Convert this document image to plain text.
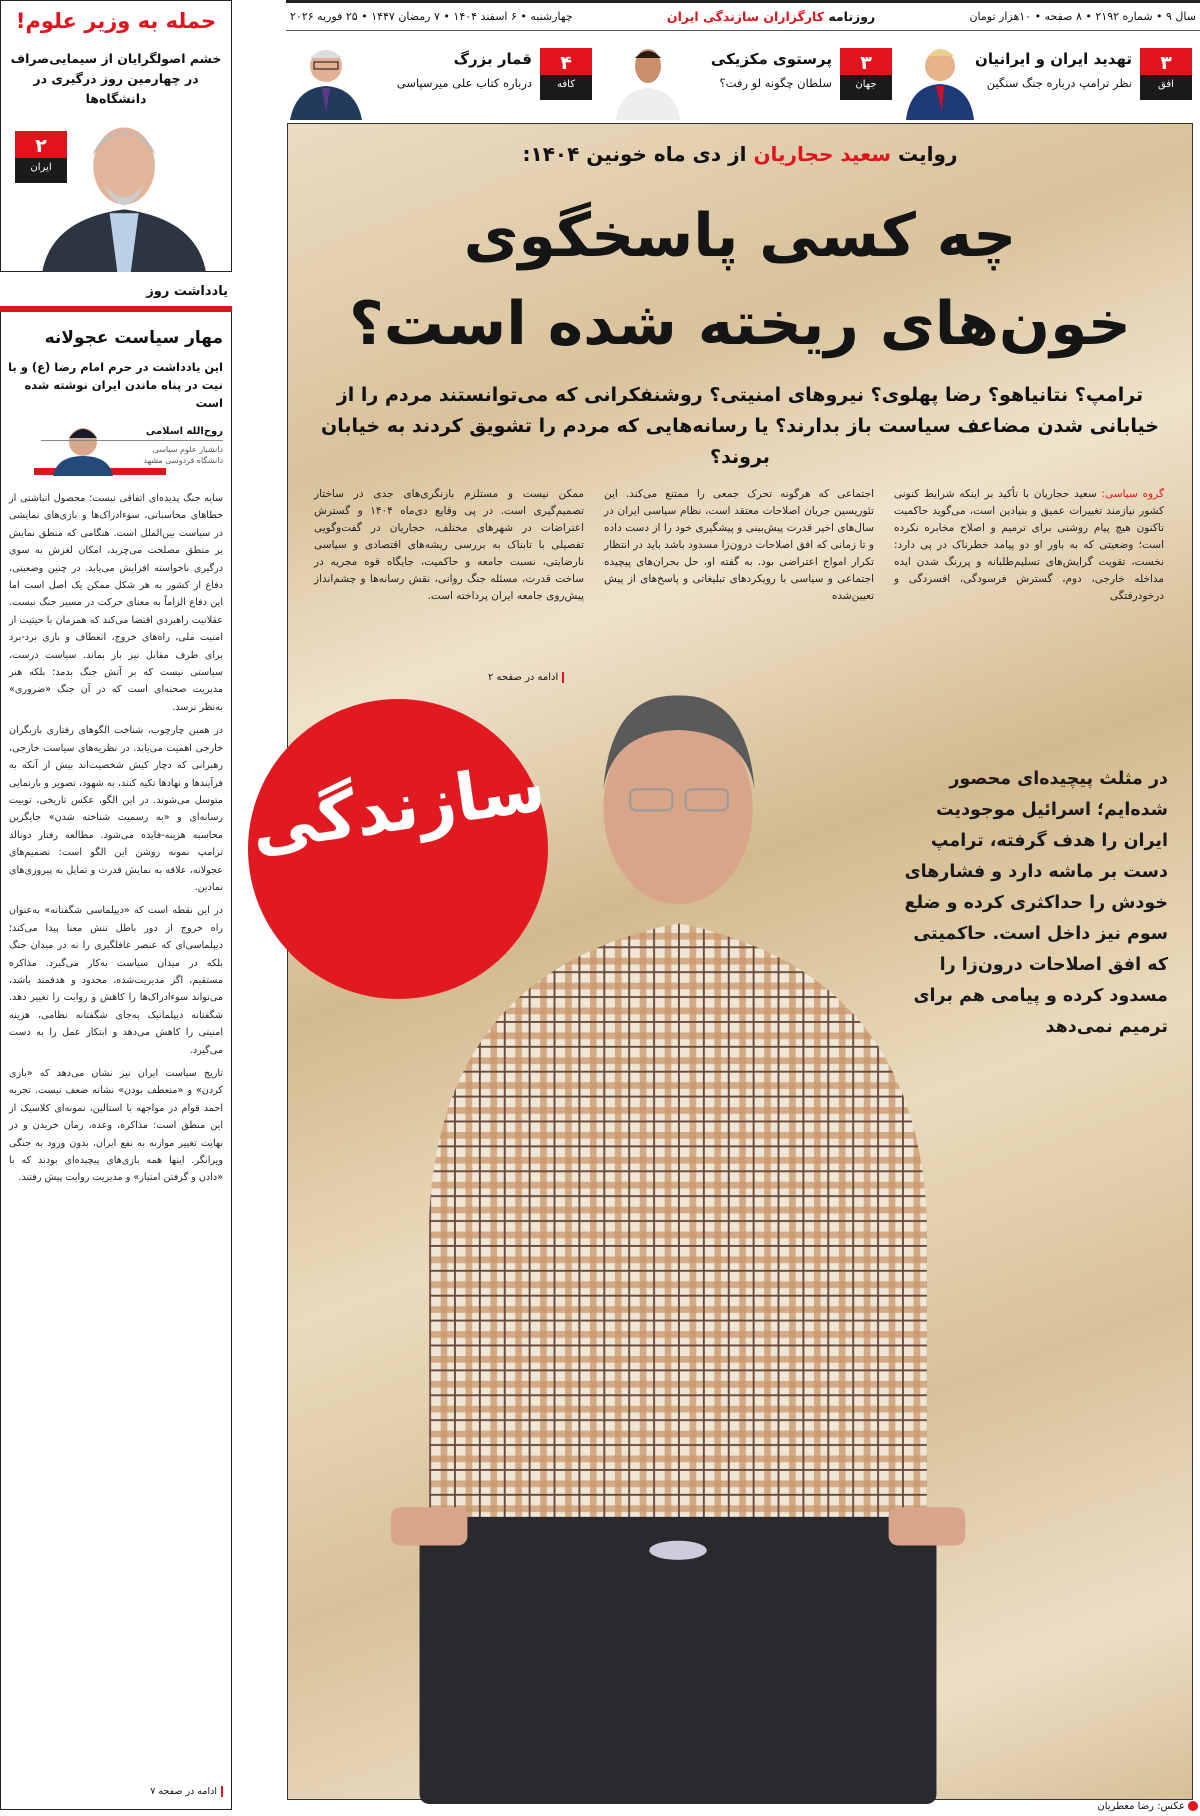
سال ۹ • شماره ۲۱۹۲ • ۸ صفحه • ۱۰هزار تومان
روزنامه کارگزاران سازندگی ایران
چهارشنبه • ۶ اسفند ۱۴۰۴ • ۷ رمضان ۱۴۴۷ • ۲۵ فوریه ۲۰۲۶
۳
افق
تهدید ایران و ایرانیان
نظر ترامپ درباره جنگ سنگین
۳
جهان
پرستوی مکزیکی
سلطان چگونه لو رفت؟
۴
کافه
قمار بزرگ
درباره کتاب علی میرسپاسی
حمله به وزیر علوم!
خشم اصولگرایان از سیمایی‌صراف در چهارمین روز درگیری در دانشگاه‌ها
۲
ایران
یادداشت روز
مهار سیاست عجولانه
این یادداشت در حرم امام رضا (ع) و با نیت در پناه ماندن ایران نوشته شده است
روح‌الله اسلامی
دانشیار علوم سیاسی دانشگاه فردوسی مشهد

سایه جنگ پدیده‌ای اتفاقی نیست؛ محصول انباشتی از خطاهای محاسباتی، سوءادراک‌ها و بازی‌های نمایشی در سیاست بین‌الملل است. هنگامی که منطق نمایش بر منطق مصلحت می‌چربد، امکان لغزش به سوی درگیری ناخواسته افزایش می‌یابد. در چنین وضعیتی، دفاع از کشور به هر شکل ممکن یک اصل است اما این دفاع الزاماً به معنای حرکت در مسیر جنگ نیست. عقلانیت راهبردی اقتضا می‌کند که همزمان با حیثیت از امنیت ملی، راه‌های خروج، انعطاف و بازی برد-برد برای طرف مقابل نیز باز بماند. سیاست درست، سیاستی نیست که بر آتش جنگ بدمد؛ بلکه هنر مدیریت صحنه‌ای است که در آن جنگ «ضروری» به‌نظر نرسد.

در همین چارچوب، شناخت الگوهای رفتاری بازیگران خارجی اهمیت می‌یابد. در نظریه‌های سیاست خارجی، رهبرانی که دچار کیش شخصیت‌اند بیش از آنکه به فرآیندها و نهادها تکیه کنند، به شهود، تصویر و بازنمایی متوسل می‌شوند. در این الگو، عکس تاریخی، توییت رسانه‌ای و «به رسمیت شناخته شدن» جایگزین محاسبه هزینه-فایده می‌شود. مطالعه رفتار دونالد ترامپ نمونه روشن این الگو است: تصمیم‌های عجولانه، علاقه به نمایش قدرت و تمایل به پیروزی‌های نمادین.

در این نقطه است که «دیپلماسی شگفتانه» به‌عنوان راه خروج از دور باطل تنش معنا پیدا می‌کند؛ دیپلماسی‌ای که عنصر غافلگیری را نه در میدان جنگ بلکه در میدان سیاست به‌کار می‌گیرد. مذاکره مستقیم، اگر مدیریت‌شده، محدود و هدفمند باشد، می‌تواند سوءادراک‌ها را کاهش و روایت را تغییر دهد. شگفتانه دیپلماتیک به‌جای شگفتانه نظامی، هزینه امنیتی را کاهش می‌دهد و ابتکار عمل را به دست می‌گیرد.

تاریخ سیاست ایران نیز نشان می‌دهد که «بازی کردن» و «منعطف بودن» نشانه ضعف نیست. تجربه احمد قوام در مواجهه با استالین، نمونه‌ای کلاسیک از این منطق است: مذاکره، وعده، زمان خریدن و در نهایت تغییر موازنه به نفع ایران، بدون ورود به جنگی ویرانگر. اینها همه بازی‌های پیچیده‌ای بودند که با «دادن و گرفتن امتیاز» و مدیریت روایت پیش رفتند.

ادامه در صفحه ۷
روایت سعید حجاریان از دی ماه خونین ۱۴۰۴:
چه کسی پاسخگوی
خون‌های ریخته شده است؟
ترامپ؟ نتانیاهو؟ رضا پهلوی؟ نیروهای امنیتی؟ روشنفکرانی که می‌توانستند مردم را از خیابانی شدن مضاعف سیاست باز بدارند؟ یا رسانه‌هایی که مردم را تشویق کردند به خیابان بروند؟
گروه سیاسی: سعید حجاریان با تأکید بر اینکه شرایط کنونی کشور نیازمند تغییرات عمیق و بنیادین است، می‌گوید حاکمیت تاکنون هیچ پیام روشنی برای ترمیم و اصلاح مخابره نکرده است؛ وضعیتی که به باور او دو پیامد خطرناک در پی دارد: نخست، تقویت گرایش‌های تسلیم‌طلبانه و پررنگ شدن ایده مداخله خارجی، دوم، گسترش فرسودگی، افسردگی و درخودرفتگی
اجتماعی که هرگونه تحرک جمعی را ممتنع می‌کند. این تئوریسین جریان اصلاحات معتقد است، نظام سیاسی ایران در سال‌های اخیر قدرت پیش‌بینی و پیشگیری خود را از دست داده و تا زمانی که افق اصلاحات درون‌زا مسدود باشد باید در انتظار تکرار امواج اعتراضی بود. به گفته او، حل بحران‌های پیچیده اجتماعی و سیاسی با رویکردهای تبلیغاتی و پاسخ‌های از پیش تعیین‌شده
ممکن نیست و مستلزم بازنگری‌های جدی در ساختار تصمیم‌گیری است. در پی وقایع دی‌ماه ۱۴۰۴ و گسترش اعتراضات در شهرهای مختلف، حجاریان در گفت‌وگویی تفصیلی با تابناک به بررسی ریشه‌های اقتصادی و سیاسی نارضایتی، نسبت جامعه و حاکمیت، جایگاه قوه مجریه در ساخت قدرت، مسئله جنگ روانی، نقش رسانه‌ها و چشم‌انداز پیش‌روی جامعه ایران پرداخته است.
ادامه در صفحه ۲
سازندگی	در مثلث پیچیده‌ای محصور شده‌ایم؛ اسرائیل موجودیت ایران را هدف گرفته، ترامپ دست بر ماشه دارد و فشارهای خودش را حداکثری کرده و ضلع سوم نیز داخل است. حاکمیتی که افق اصلاحات درون‌زا را مسدود کرده و پیامی هم برای ترمیم نمی‌دهد
عکس: رضا معطریان
